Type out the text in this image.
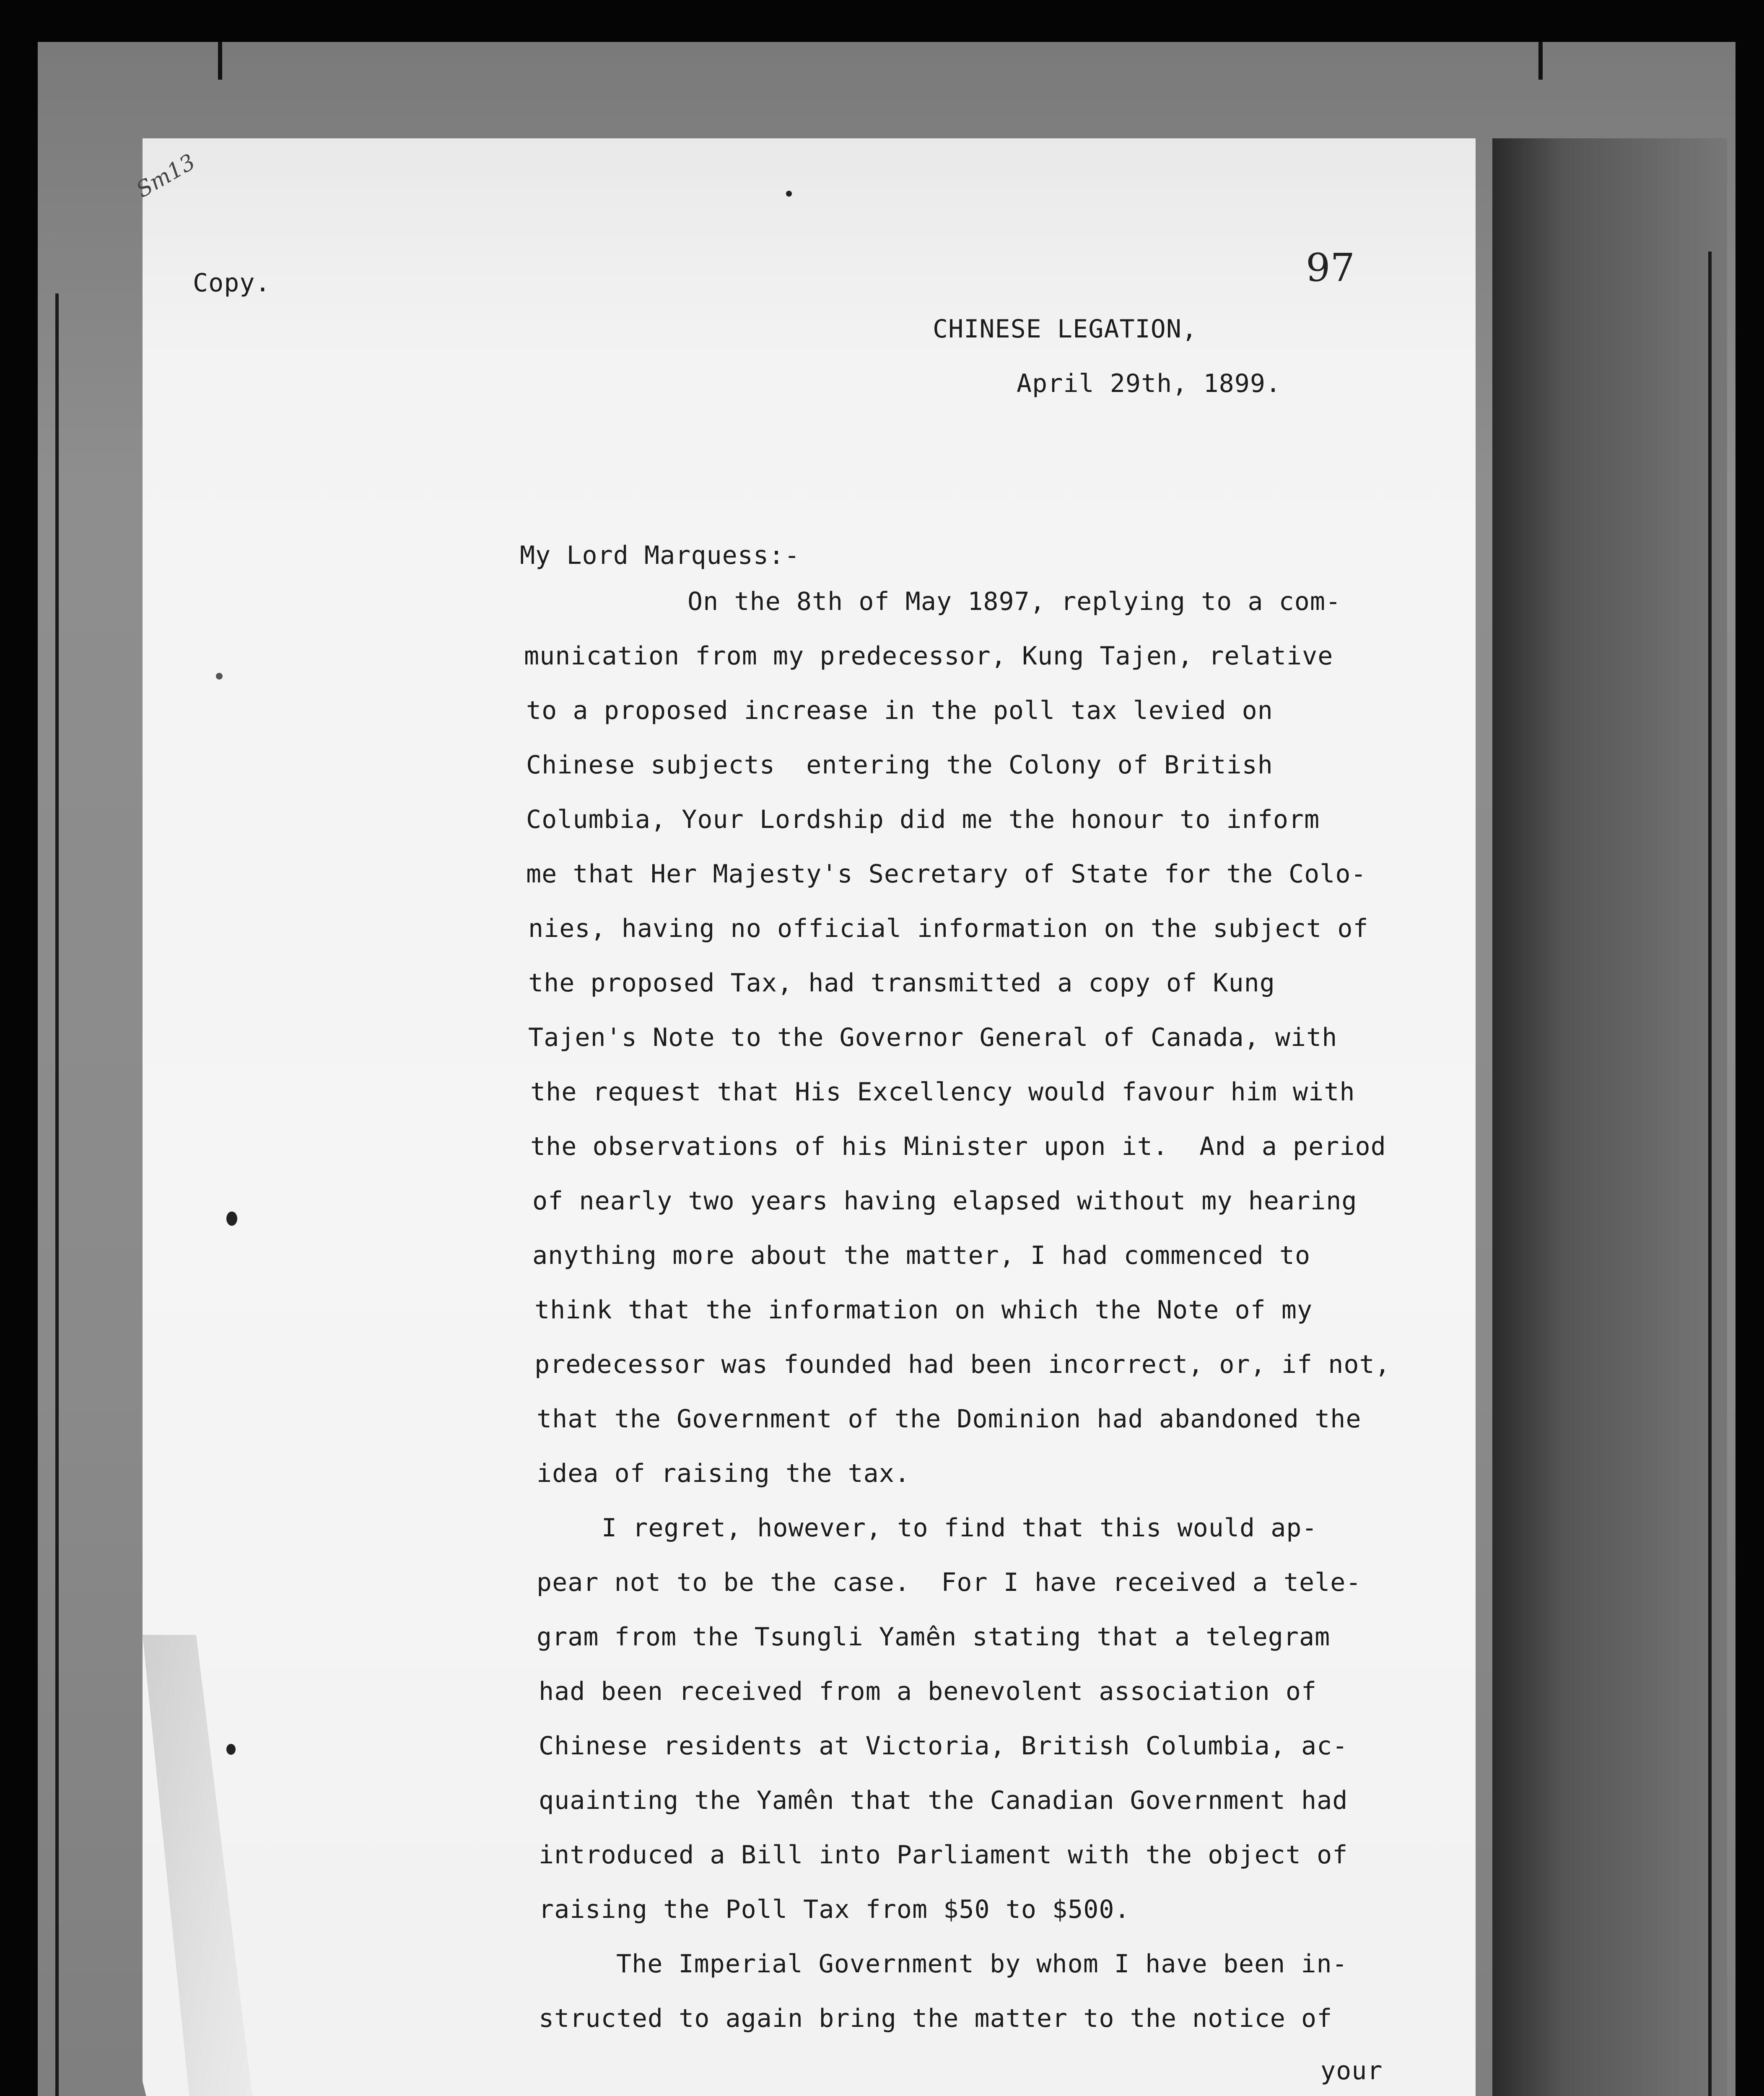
Sm13
Copy.	97
CHINESE LEGATION,
April 29th, 1899.
My Lord Marquess:-
On the 8th of May 1897, replying to a com-
munication from my predecessor, Kung Tajen, relative
to a proposed increase in the poll tax levied on
Chinese subjects  entering the Colony of British
Columbia, Your Lordship did me the honour to inform
me that Her Majesty's Secretary of State for the Colo-
nies, having no official information on the subject of
the proposed Tax, had transmitted a copy of Kung
Tajen's Note to the Governor General of Canada, with
the request that His Excellency would favour him with
the observations of his Minister upon it.  And a period
of nearly two years having elapsed without my hearing
anything more about the matter, I had commenced to
think that the information on which the Note of my
predecessor was founded had been incorrect, or, if not,
that the Government of the Dominion had abandoned the
idea of raising the tax.
I regret, however, to find that this would ap-
pear not to be the case.  For I have received a tele-
gram from the Tsungli Yamên stating that a telegram
had been received from a benevolent association of
Chinese residents at Victoria, British Columbia, ac-
quainting the Yamên that the Canadian Government had
introduced a Bill into Parliament with the object of
raising the Poll Tax from $50 to $500.
The Imperial Government by whom I have been in-
structed to again bring the matter to the notice of
your
